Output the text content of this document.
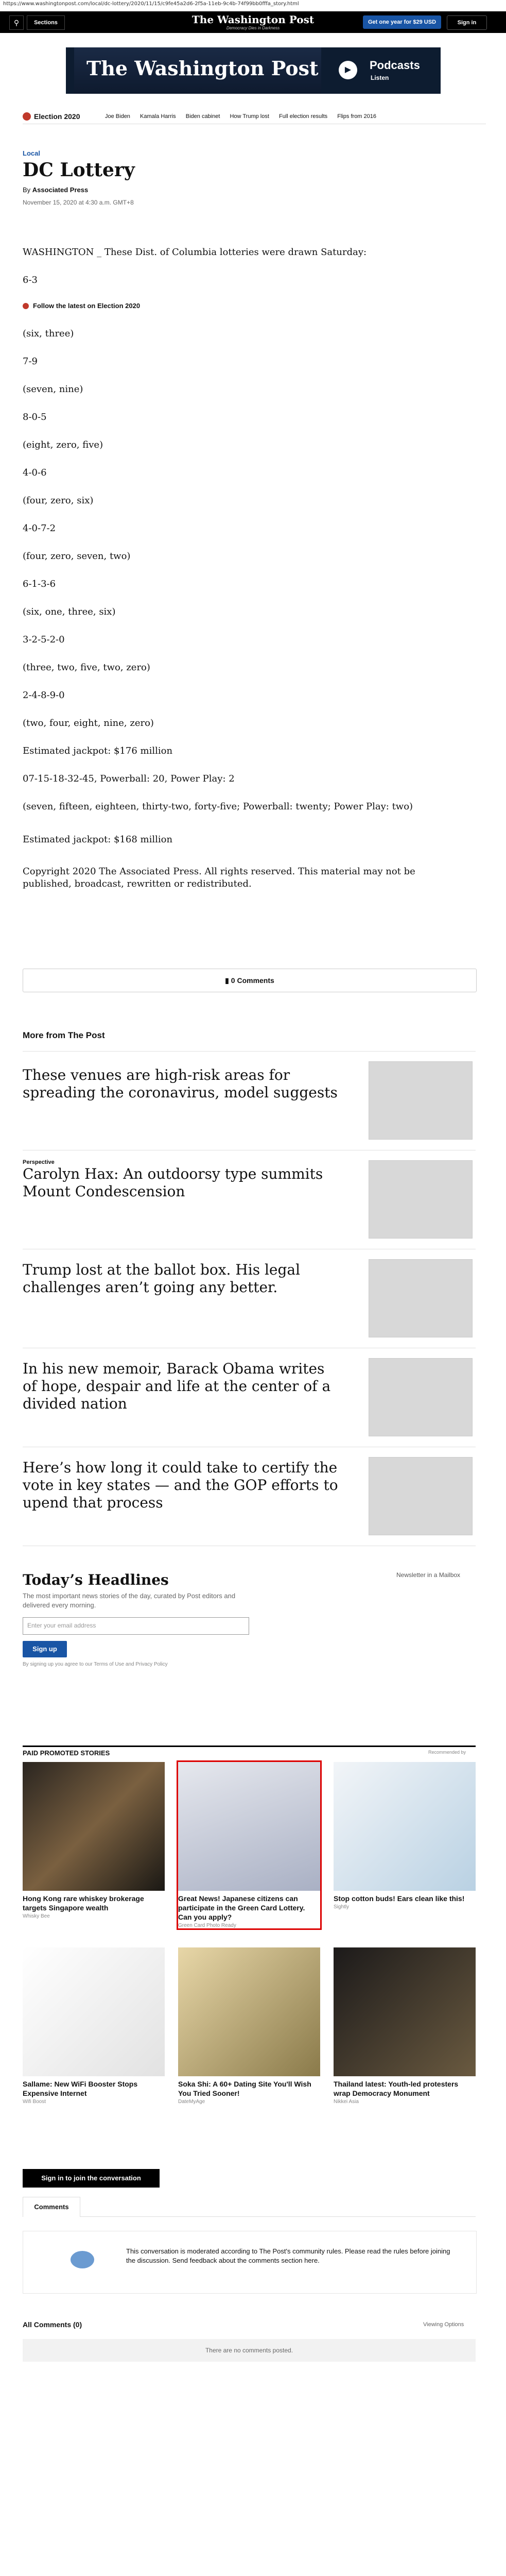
https://www.washingtonpost.com/local/dc-lottery/2020/11/15/c9fe45a2d6-2f5a-11eb-9c4b-74f99bb0fffa_story.html
⚲	Sections	The Washington Post
Democracy Dies in Darkness
Get one year for $29 USD	Sign in
The Washington Post	▶	Podcasts
Listen
Election 2020	Joe Biden Kamala Harris Biden cabinet How Trump lost Full election results Flips from 2016
Local
DC Lottery
By Associated Press
November 15, 2020 at 4:30 a.m. GMT+8
WASHINGTON _ These Dist. of Columbia lotteries were drawn Saturday:
6-3
Follow the latest on Election 2020
(six, three)
7-9
(seven, nine)
8-0-5
(eight, zero, five)
4-0-6
(four, zero, six)
4-0-7-2
(four, zero, seven, two)
6-1-3-6
(six, one, three, six)
3-2-5-2-0
(three, two, five, two, zero)
2-4-8-9-0
(two, four, eight, nine, zero)
Estimated jackpot: $176 million
07-15-18-32-45, Powerball: 20, Power Play: 2
(seven, fifteen, eighteen, thirty-two, forty-five; Powerball: twenty; Power Play: two)
Estimated jackpot: $168 million
Copyright 2020 The Associated Press. All rights reserved. This material may not be published, broadcast, rewritten or redistributed.
▮ 0 Comments
More from The Post
These venues are high-risk areas for spreading the coronavirus, model suggests
Perspective
Carolyn Hax: An outdoorsy type summits Mount Condescension
Trump lost at the ballot box. His legal challenges aren’t going any better.
In his new memoir, Barack Obama writes of hope, despair and life at the center of a divided nation
Here’s how long it could take to certify the vote in key states — and the GOP efforts to upend that process
Today’s Headlines
The most important news stories of the day, curated by Post editors and delivered every morning.
Enter your email address
Sign up
By signing up you agree to our Terms of Use and Privacy Policy
Newsletter in a Mailbox
PAID PROMOTED STORIES	Recommended by
Hong Kong rare whiskey brokerage targets Singapore wealth
Whisky Bee
Great News! Japanese citizens can participate in the Green Card Lottery. Can you apply?
Green Card Photo Ready
Stop cotton buds! Ears clean like this!
Sightly
Sallame: New WiFi Booster Stops Expensive Internet
Wifi Boost
Soka Shi: A 60+ Dating Site You'll Wish You Tried Sooner!
DateMyAge
Thailand latest: Youth-led protesters wrap Democracy Monument
Nikkei Asia
Sign in to join the conversation
Comments
This conversation is moderated according to The Post's community rules. Please read the rules before joining the discussion. Send feedback about the comments section here.
All Comments (0)	Viewing Options
There are no comments posted.
